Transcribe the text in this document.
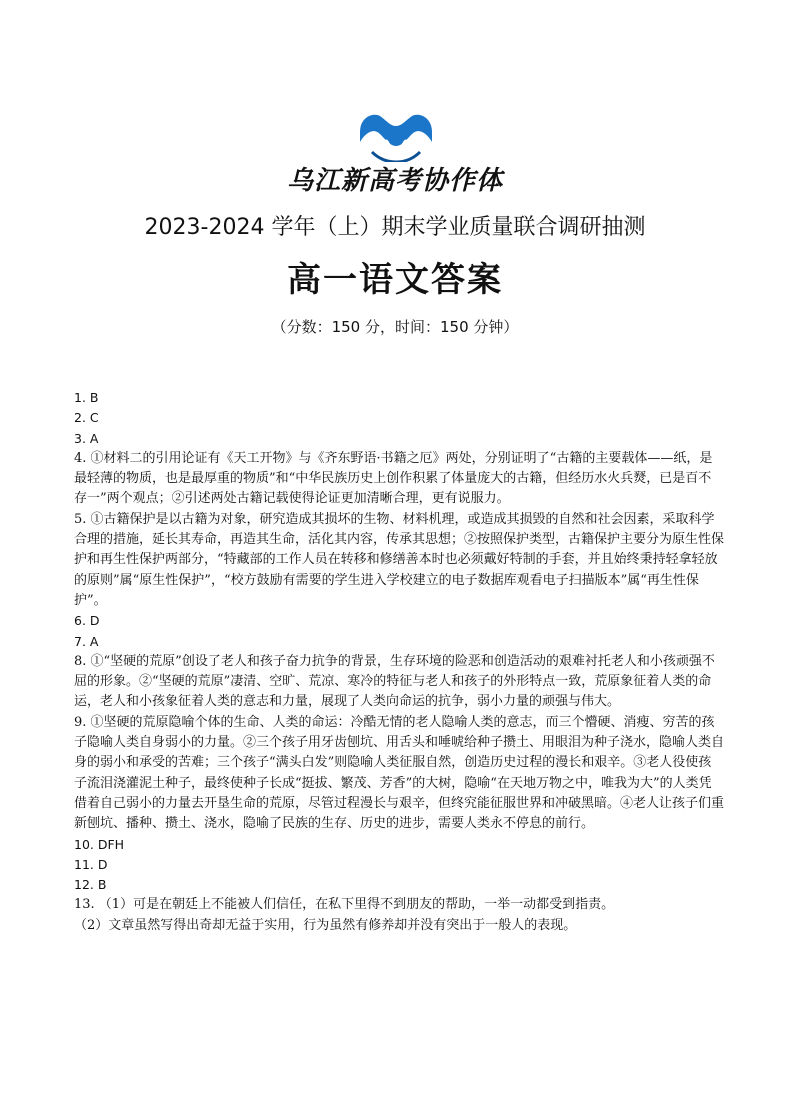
乌江新高考协作体
2023-2024 学年（上）期末学业质量联合调研抽测
高一语文答案
（分数：150 分，时间：150 分钟）

1. B

2. C

3. A

4. ①材料二的引用论证有《天工开物》与《齐东野语·书籍之厄》两处，分别证明了“古籍的主要载体——纸，是最轻薄的物质，也是最厚重的物质”和“中华民族历史上创作积累了体量庞大的古籍，但经历水火兵燹，已是百不存一”两个观点；②引述两处古籍记载使得论证更加清晰合理，更有说服力。

5. ①古籍保护是以古籍为对象，研究造成其损坏的生物、材料机理，或造成其损毁的自然和社会因素，采取科学合理的措施，延长其寿命，再造其生命，活化其内容，传承其思想；②按照保护类型，古籍保护主要分为原生性保护和再生性保护两部分，“特藏部的工作人员在转移和修缮善本时也必须戴好特制的手套，并且始终秉持轻拿轻放的原则”属“原生性保护”，“校方鼓励有需要的学生进入学校建立的电子数据库观看电子扫描版本”属“再生性保护”。

6. D

7. A

8. ①“坚硬的荒原”创设了老人和孩子奋力抗争的背景，生存环境的险恶和创造活动的艰难衬托老人和小孩顽强不屈的形象。②“坚硬的荒原”凄清、空旷、荒凉、寒冷的特征与老人和孩子的外形特点一致，荒原象征着人类的命运，老人和小孩象征着人类的意志和力量，展现了人类向命运的抗争，弱小力量的顽强与伟大。

9. ①坚硬的荒原隐喻个体的生命、人类的命运：冷酷无情的老人隐喻人类的意志，而三个懵硬、消瘦、穷苦的孩子隐喻人类自身弱小的力量。②三个孩子用牙齿刨坑、用舌头和唾唬给种子攒土、用眼泪为种子浇水，隐喻人类自身的弱小和承受的苦难；三个孩子“满头白发”则隐喻人类征服自然，创造历史过程的漫长和艰辛。③老人役使孩子流泪浇灌泥土种子，最终使种子长成“挺拔、繁茂、芳香”的大树，隐喻“在天地万物之中，唯我为大”的人类凭借着自己弱小的力量去开垦生命的荒原，尽管过程漫长与艰辛，但终究能征服世界和冲破黑暗。④老人让孩子们重新刨坑、播种、攒土、浇水，隐喻了民族的生存、历史的进步，需要人类永不停息的前行。

10. DFH

11. D

12. B

13. （1）可是在朝廷上不能被人们信任，在私下里得不到朋友的帮助，一举一动都受到指责。

（2）文章虽然写得出奇却无益于实用，行为虽然有修养却并没有突出于一般人的表现。
